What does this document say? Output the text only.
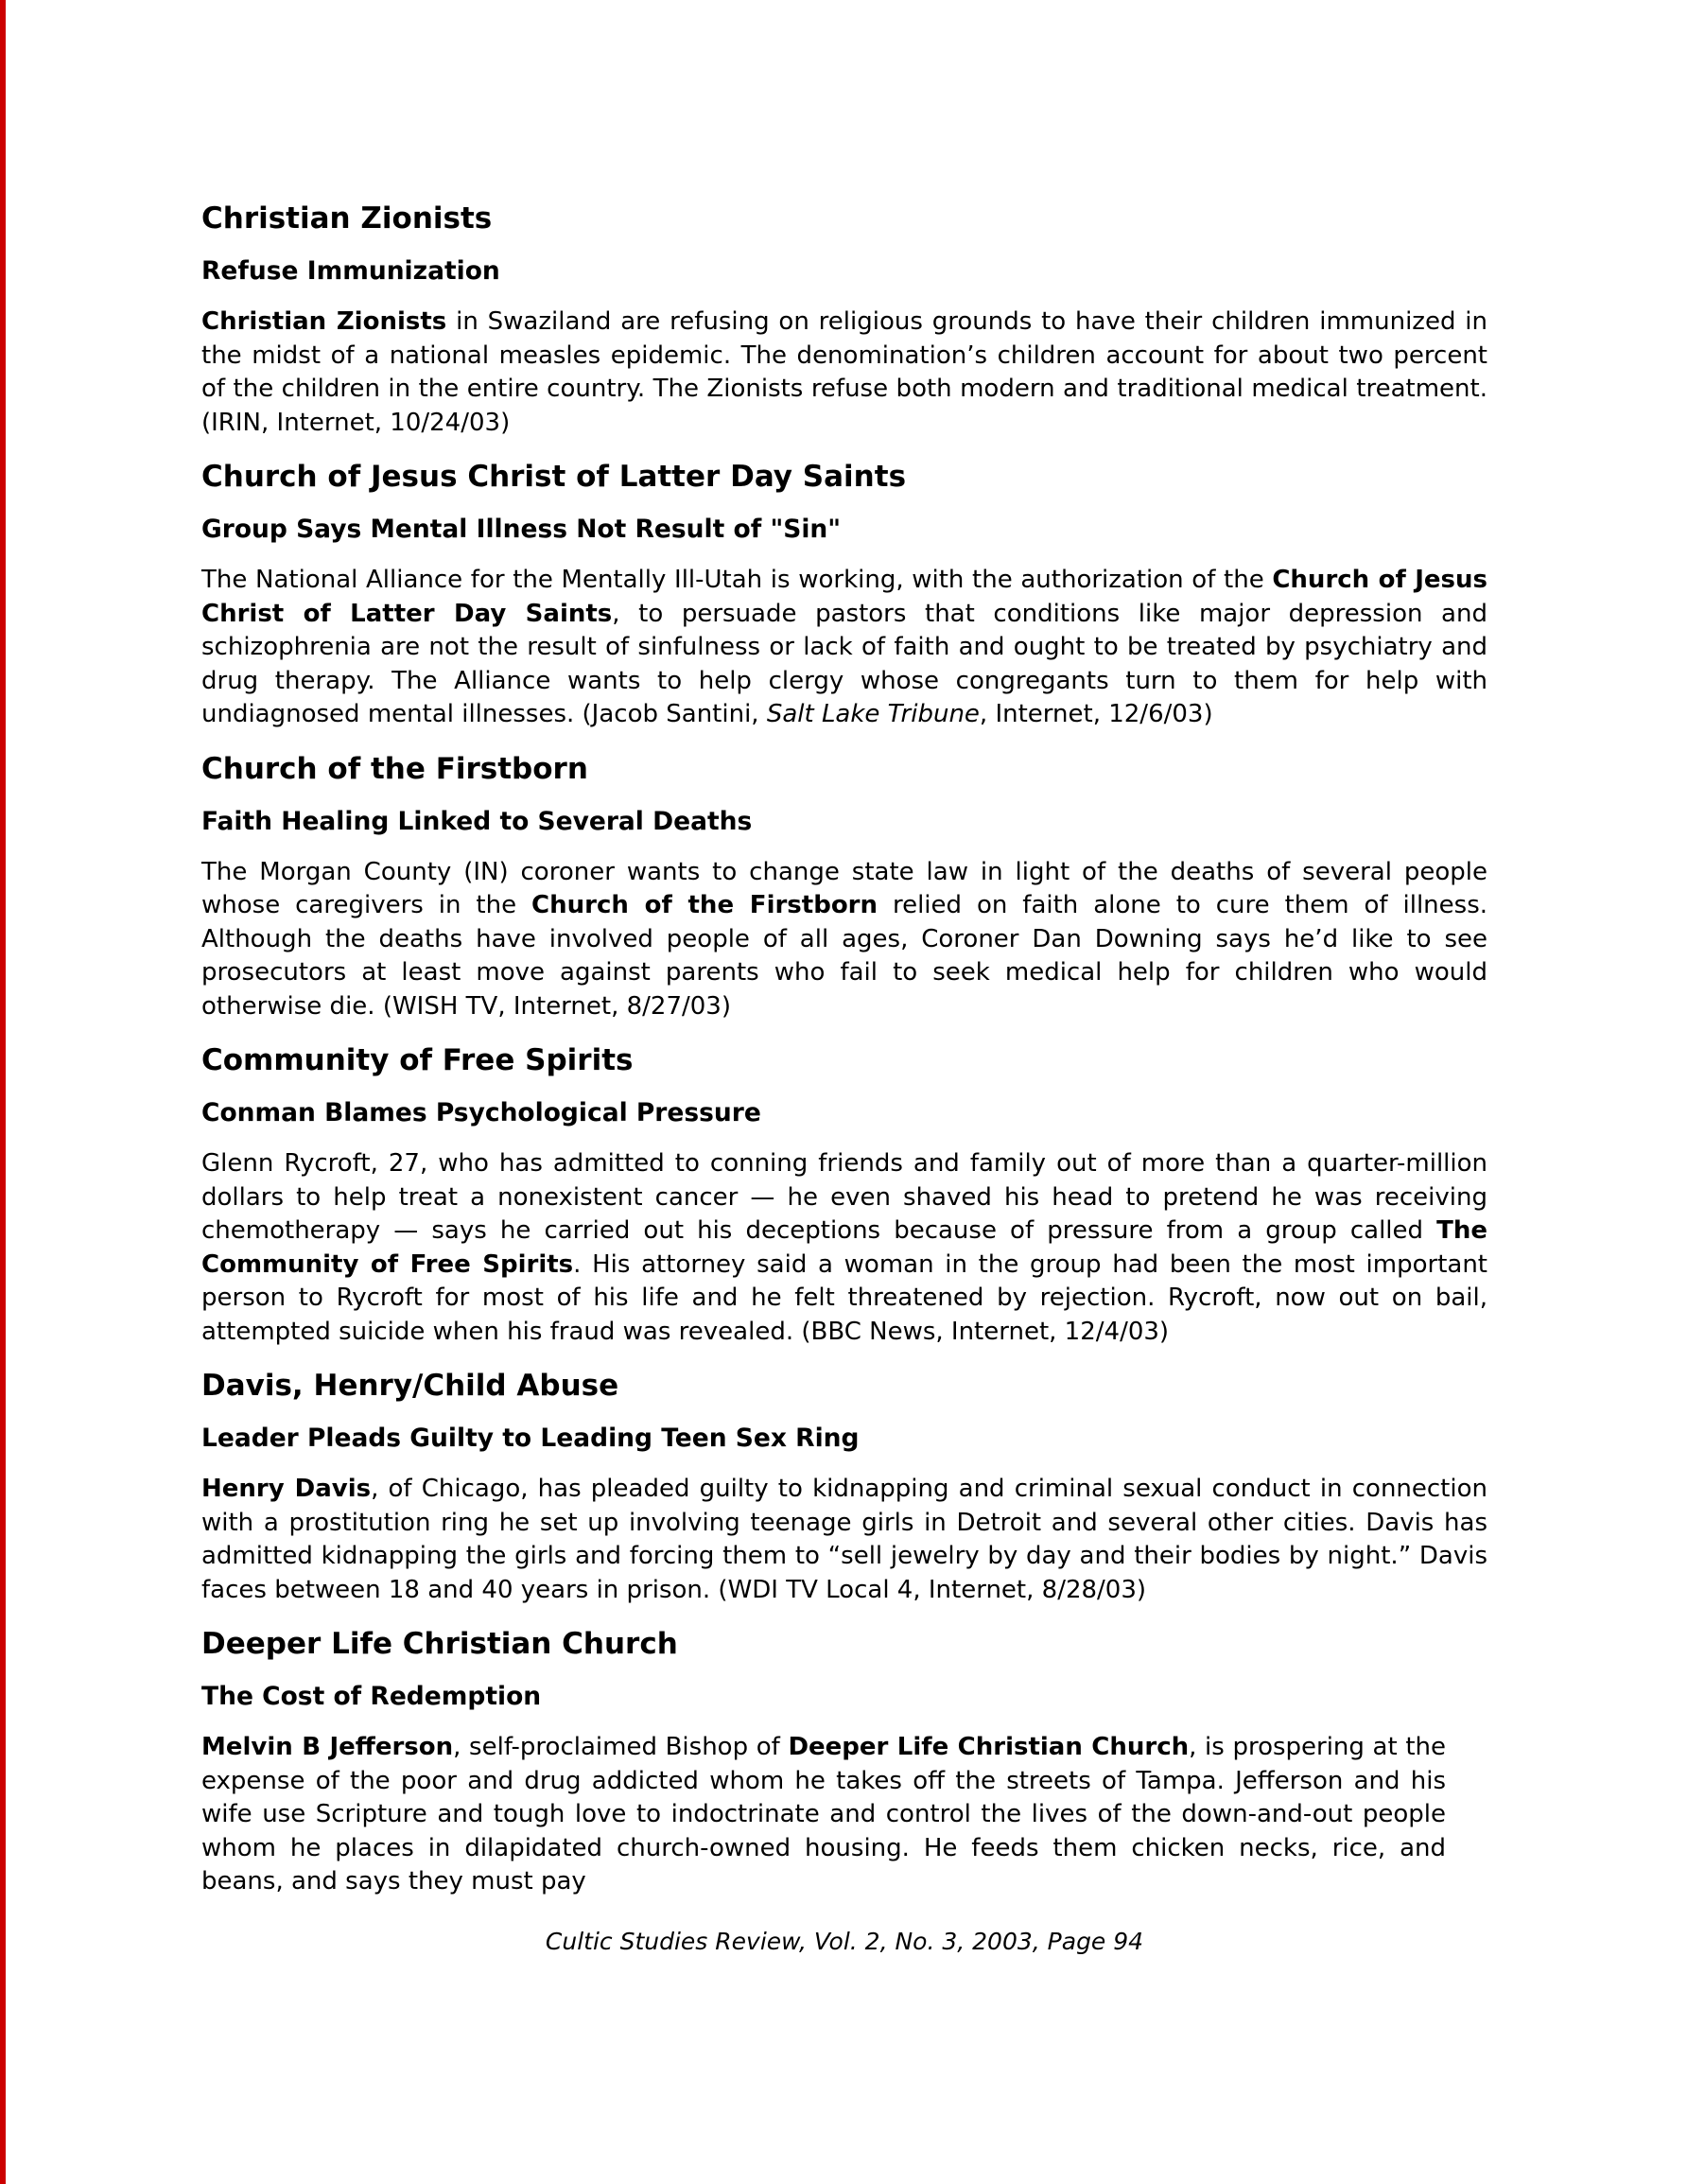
Christian Zionists
Refuse Immunization

Christian Zionists in Swaziland are refusing on religious grounds to have their children immunized in the midst of a national measles epidemic. The denomination’s children account for about two percent of the children in the entire country. The Zionists refuse both modern and traditional medical treatment. (IRIN, Internet, 10/24/03)

Church of Jesus Christ of Latter Day Saints
Group Says Mental Illness Not Result of "Sin"

The National Alliance for the Mentally Ill-Utah is working, with the authorization of the Church of Jesus Christ of Latter Day Saints, to persuade pastors that conditions like major depression and schizophrenia are not the result of sinfulness or lack of faith and ought to be treated by psychiatry and drug therapy. The Alliance wants to help clergy whose congregants turn to them for help with undiagnosed mental illnesses. (Jacob Santini, Salt Lake Tribune, Internet, 12/6/03)

Church of the Firstborn
Faith Healing Linked to Several Deaths

The Morgan County (IN) coroner wants to change state law in light of the deaths of several people whose caregivers in the Church of the Firstborn relied on faith alone to cure them of illness. Although the deaths have involved people of all ages, Coroner Dan Downing says he’d like to see prosecutors at least move against parents who fail to seek medical help for children who would otherwise die. (WISH TV, Internet, 8/27/03)

Community of Free Spirits
Conman Blames Psychological Pressure

Glenn Rycroft, 27, who has admitted to conning friends and family out of more than a quarter-million dollars to help treat a nonexistent cancer — he even shaved his head to pretend he was receiving chemotherapy — says he carried out his deceptions because of pressure from a group called The Community of Free Spirits. His attorney said a woman in the group had been the most important person to Rycroft for most of his life and he felt threatened by rejection. Rycroft, now out on bail, attempted suicide when his fraud was revealed. (BBC News, Internet, 12/4/03)

Davis, Henry/Child Abuse
Leader Pleads Guilty to Leading Teen Sex Ring

Henry Davis, of Chicago, has pleaded guilty to kidnapping and criminal sexual conduct in connection with a prostitution ring he set up involving teenage girls in Detroit and several other cities. Davis has admitted kidnapping the girls and forcing them to “sell jewelry by day and their bodies by night.” Davis faces between 18 and 40 years in prison. (WDI TV Local 4, Internet, 8/28/03)

Deeper Life Christian Church
The Cost of Redemption

Melvin B Jefferson, self-proclaimed Bishop of Deeper Life Christian Church, is prospering at the expense of the poor and drug addicted whom he takes off the streets of Tampa. Jefferson and his wife use Scripture and tough love to indoctrinate and control the lives of the down-and-out people whom he places in dilapidated church-owned housing. He feeds them chicken necks, rice, and beans, and says they must pay

Cultic Studies Review, Vol. 2, No. 3, 2003, Page 94
